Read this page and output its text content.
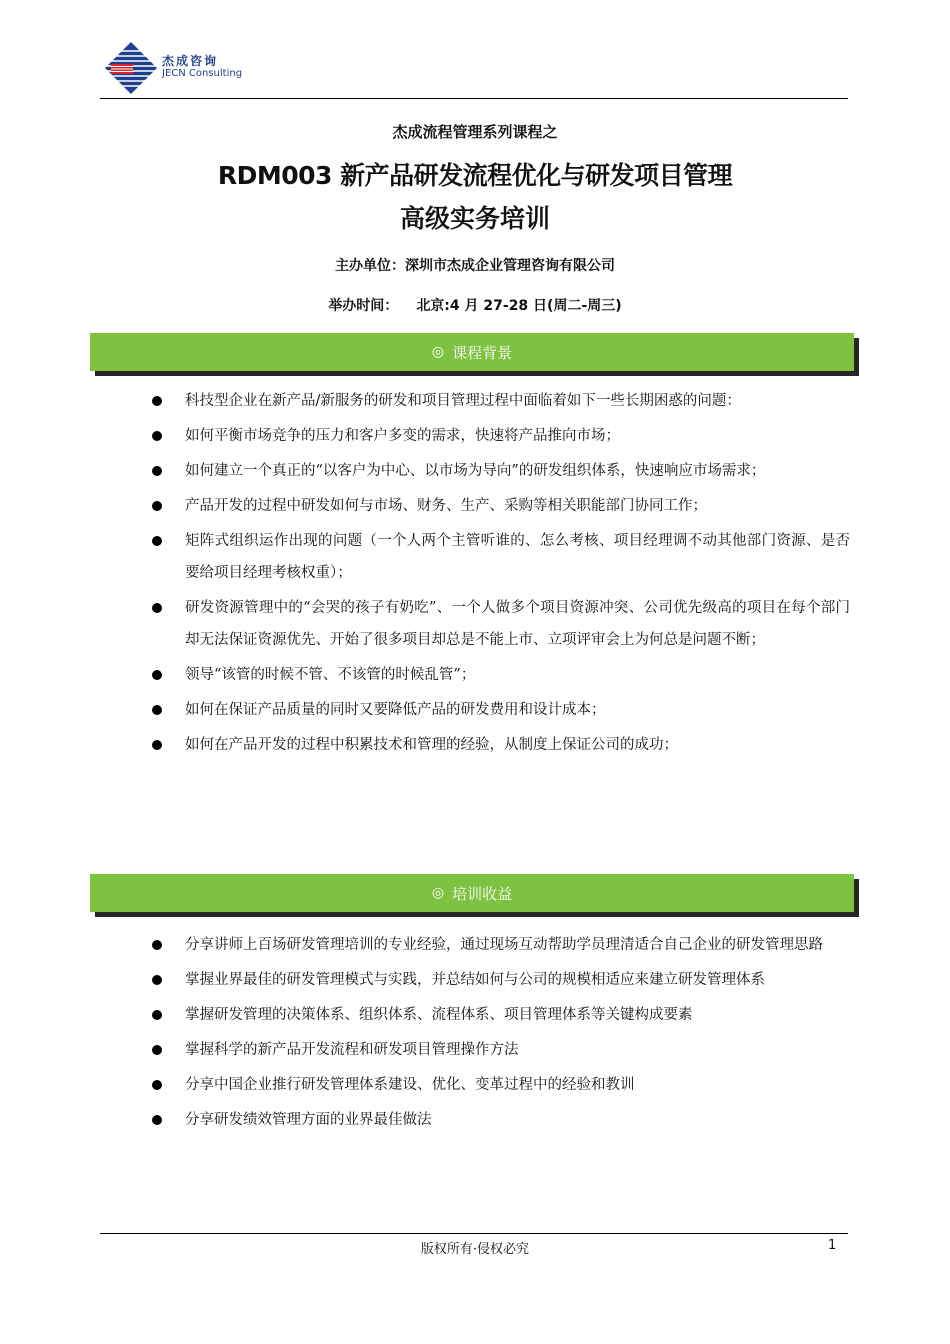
杰成咨询
JECN Consulting
杰成流程管理系列课程之
RDM003 新产品研发流程优化与研发项目管理
高级实务培训
主办单位：深圳市杰成企业管理咨询有限公司
举办时间： 北京:4 月 27-28 日(周二-周三)
◎ 课程背景
科技型企业在新产品/新服务的研发和项目管理过程中面临着如下一些长期困惑的问题：
如何平衡市场竞争的压力和客户多变的需求，快速将产品推向市场；
如何建立一个真正的“以客户为中心、以市场为导向”的研发组织体系，快速响应市场需求；
产品开发的过程中研发如何与市场、财务、生产、采购等相关职能部门协同工作；
矩阵式组织运作出现的问题（一个人两个主管听谁的、怎么考核、项目经理调不动其他部门资源、是否要给项目经理考核权重）；
研发资源管理中的“会哭的孩子有奶吃”、一个人做多个项目资源冲突、公司优先级高的项目在每个部门却无法保证资源优先、开始了很多项目却总是不能上市、立项评审会上为何总是问题不断；
领导“该管的时候不管、不该管的时候乱管”；
如何在保证产品质量的同时又要降低产品的研发费用和设计成本；
如何在产品开发的过程中积累技术和管理的经验，从制度上保证公司的成功；
◎ 培训收益
分享讲师上百场研发管理培训的专业经验，通过现场互动帮助学员理清适合自己企业的研发管理思路
掌握业界最佳的研发管理模式与实践，并总结如何与公司的规模相适应来建立研发管理体系
掌握研发管理的决策体系、组织体系、流程体系、项目管理体系等关键构成要素
掌握科学的新产品开发流程和研发项目管理操作方法
分享中国企业推行研发管理体系建设、优化、变革过程中的经验和教训
分享研发绩效管理方面的业界最佳做法
版权所有·侵权必究	1
